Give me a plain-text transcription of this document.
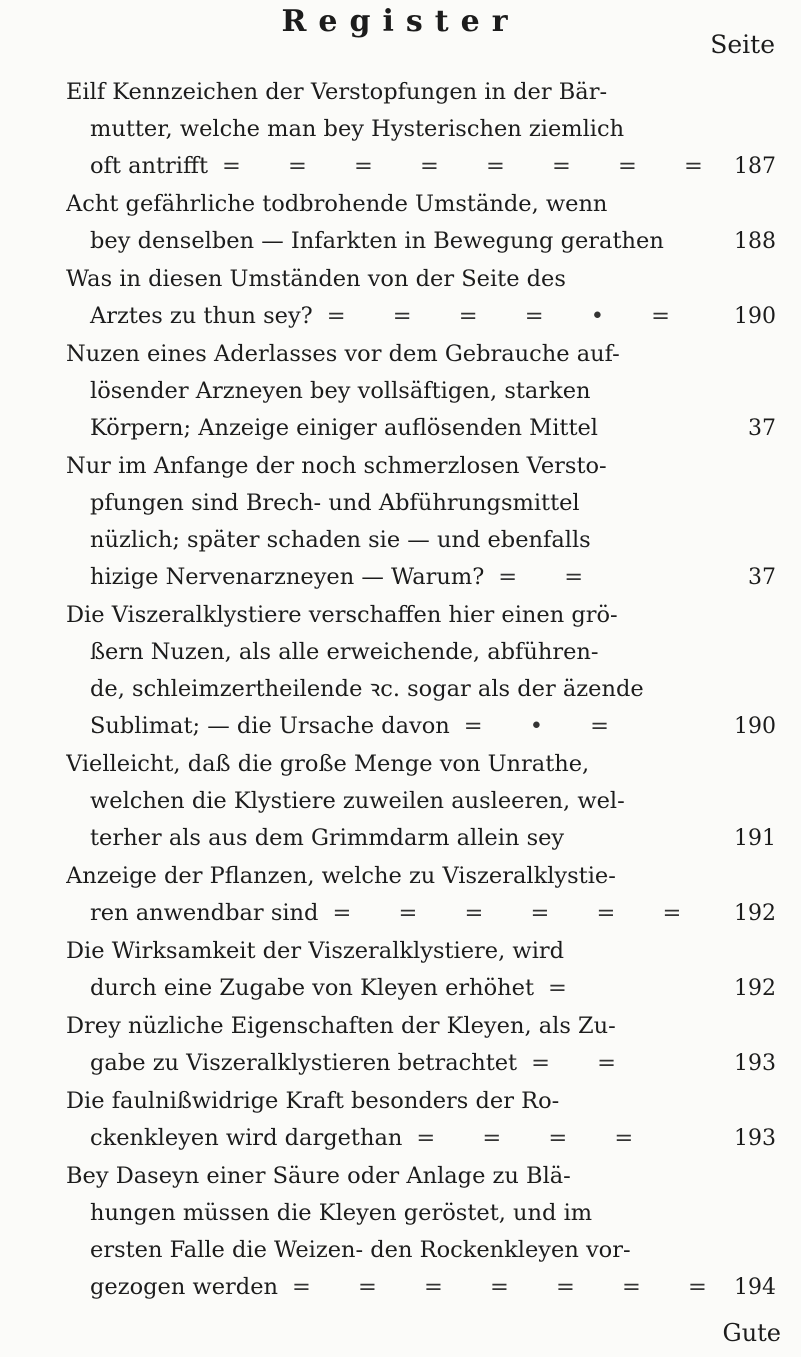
Register
Seite
Eilf Kennzeichen der Verstopfungen in der Bär-
mutter, welche man bey Hysterischen ziemlich
oft antrifft = = = = = = = = 187
Acht gefährliche todbrohende Umstände, wenn
bey denselben — Infarkten in Bewegung gerathen	188
Was in diesen Umständen von der Seite des
Arztes zu thun sey? = = = = • = 190
Nuzen eines Aderlasses vor dem Gebrauche auf-
lösender Arzneyen bey vollsäftigen, starken
Körpern; Anzeige einiger auflösenden Mittel	37
Nur im Anfange der noch schmerzlosen Versto-
pfungen sind Brech- und Abführungsmittel
nüzlich; später schaden sie — und ebenfalls
hizige Nervenarzneyen — Warum? = =	37
Die Viszeralklystiere verschaffen hier einen grö-
ßern Nuzen, als alle erweichende, abführen-
de, schleimzertheilende ꝛc. sogar als der äzende
Sublimat; — die Ursache davon = • =	190
Vielleicht, daß die große Menge von Unrathe,
welchen die Klystiere zuweilen ausleeren, wel-
terher als aus dem Grimmdarm allein sey	191
Anzeige der Pflanzen, welche zu Viszeralklystie-
ren anwendbar sind = = = = = = 192
Die Wirksamkeit der Viszeralklystiere, wird
durch eine Zugabe von Kleyen erhöhet =	192
Drey nüzliche Eigenschaften der Kleyen, als Zu-
gabe zu Viszeralklystieren betrachtet = =	193
Die faulnißwidrige Kraft besonders der Ro-
ckenkleyen wird dargethan = = = =	193
Bey Daseyn einer Säure oder Anlage zu Blä-
hungen müssen die Kleyen geröstet, und im
ersten Falle die Weizen- den Rockenkleyen vor-
gezogen werden = = = = = = = 194
Gute
